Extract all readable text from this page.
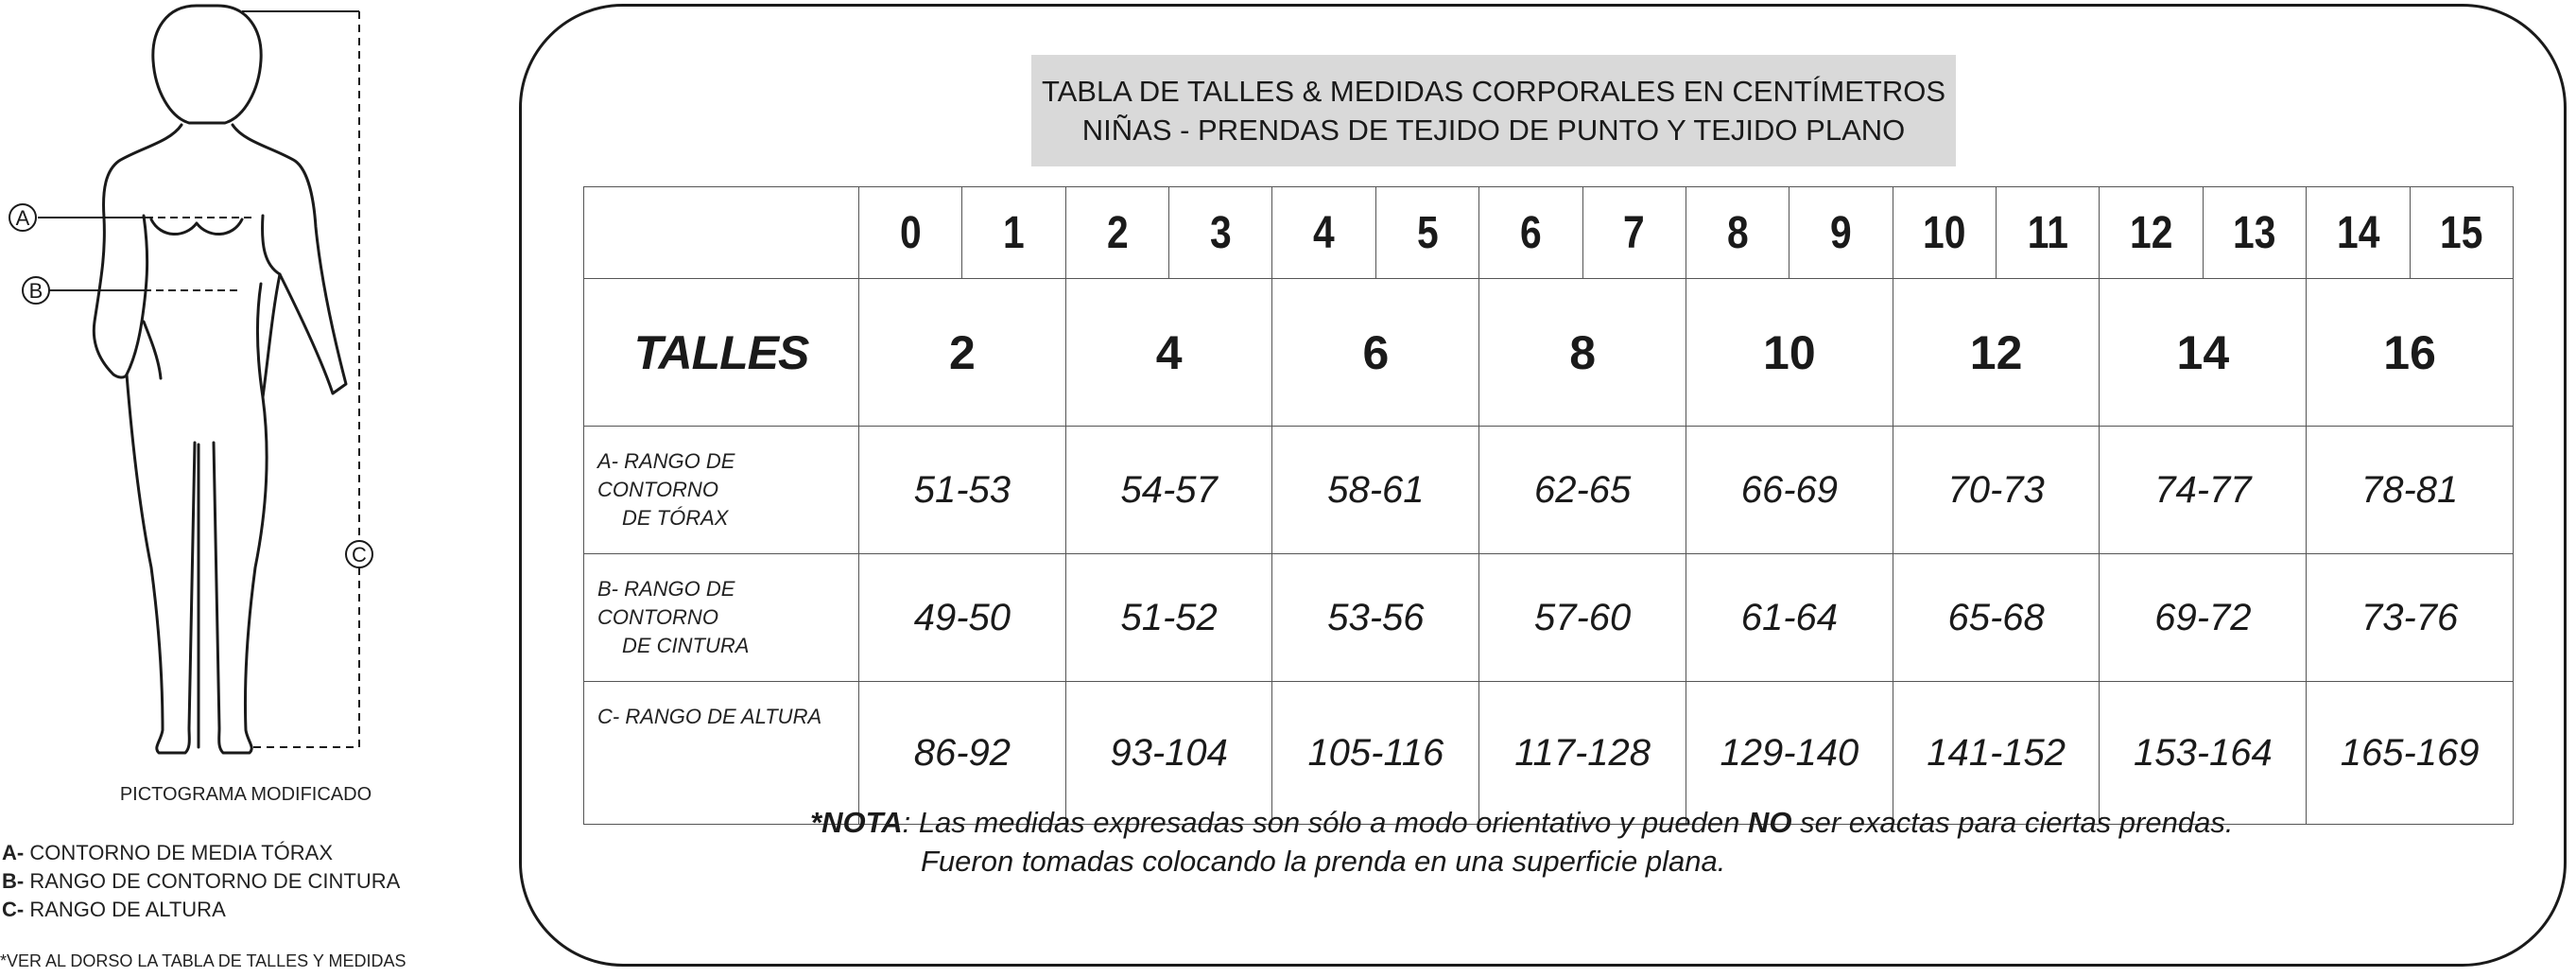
A
B
C
PICTOGRAMA MODIFICADO
A- CONTORNO DE MEDIA TÓRAX
B- RANGO DE CONTORNO DE CINTURA
C- RANGO DE ALTURA
*VER AL DORSO LA TABLA DE TALLES Y MEDIDAS
TABLA DE TALLES & MEDIDAS CORPORALES EN CENTÍMETROS
NIÑAS - PRENDAS DE TEJIDO DE PUNTO Y TEJIDO PLANO
	0	1	2	3	4	5	6	7	8	9	10	11	12	13	14	15
TALLES	2		4		6		8		10		12		14		16	

A- RANGO DE CONTORNO
DE TÓRAX	51-53		54-57		58-61		62-65		66-69		70-73		74-77		78-81	

B- RANGO DE CONTORNO
DE CINTURA	49-50		51-52		53-56		57-60		61-64		65-68		69-72		73-76	

C- RANGO DE ALTURA	86-92		93-104		105-116		117-128		129-140		141-152		153-164		165-169	
*NOTA: Las medidas expresadas son sólo a modo orientativo y pueden NO ser exactas para ciertas prendas.
Fueron tomadas colocando la prenda en una superficie plana.
